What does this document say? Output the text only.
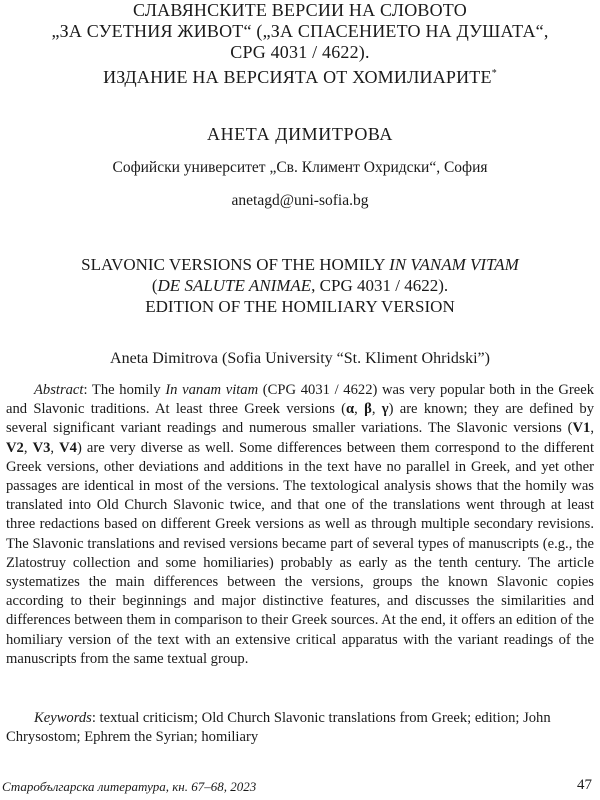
СЛАВЯНСКИТЕ ВЕРСИИ НА СЛОВОТО
„ЗА СУЕТНИЯ ЖИВОТ“ („ЗА СПАСЕНИЕТО НА ДУШАТА“,
CPG 4031 / 4622).
ИЗДАНИЕ НА ВЕРСИЯТА ОТ ХОМИЛИАРИТЕ*
АНЕТА ДИМИТРОВА
Софийски университет „Св. Климент Охридски“, София
anetagd@uni-sofia.bg
SLAVONIC VERSIONS OF THE HOMILY IN VANAM VITAM
(DE SALUTE ANIMAE, CPG 4031 / 4622).
EDITION OF THE HOMILIARY VERSION
Aneta Dimitrova (Sofia University “St. Kliment Ohridski”)
Abstract: The homily In vanam vitam (CPG 4031 / 4622) was very popular both in the Greek and Slavonic traditions. At least three Greek versions (α, β, γ) are known; they are defined by several significant variant readings and numerous smaller variations. The Slavonic versions (V1, V2, V3, V4) are very diverse as well. Some differences between them correspond to the different Greek versions, other deviations and additions in the text have no parallel in Greek, and yet other passages are identical in most of the versions. The textological analysis shows that the homily was translated into Old Church Slavonic twice, and that one of the translations went through at least three redactions based on different Greek versions as well as through multiple secondary revisions. The Slavonic translations and revised versions became part of several types of manuscripts (e.g., the Zlatostruy collection and some homiliaries) probably as early as the tenth century. The article systematizes the main differences between the versions, groups the known Slavonic copies according to their beginnings and major distinctive features, and discusses the similarities and differences between them in comparison to their Greek sources. At the end, it offers an edition of the homiliary version of the text with an extensive critical apparatus with the variant readings of the manuscripts from the same textual group.
Keywords: textual criticism; Old Church Slavonic translations from Greek; edition; John Chrysostom; Ephrem the Syrian; homiliary
Старобългарска литература, кн. 67–68, 2023	47
